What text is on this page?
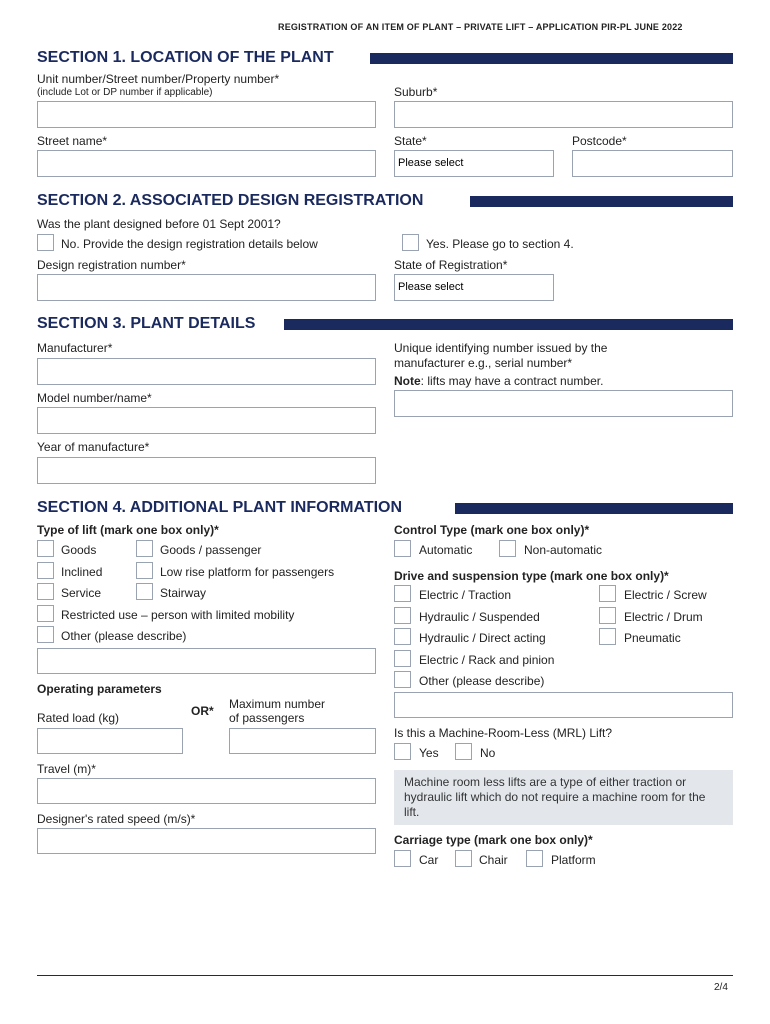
REGISTRATION OF AN ITEM OF PLANT – PRIVATE LIFT – APPLICATION PIR-PL JUNE 2022
SECTION 1. LOCATION OF THE PLANT
Unit number/Street number/Property number*
(include Lot or DP number if applicable)	Suburb*
Street name*	State*
Please select
Postcode*
SECTION 2. ASSOCIATED DESIGN REGISTRATION
Was the plant designed before 01 Sept 2001?
No. Provide the design registration details below	Yes. Please go to section 4.
Design registration number*	State of Registration*
Please select
SECTION 3. PLANT DETAILS
Manufacturer*	Unique identifying number issued by the
manufacturer e.g., serial number*
Note: lifts may have a contract number.
Model number/name*
Year of manufacture*
SECTION 4. ADDITIONAL PLANT INFORMATION
Type of lift (mark one box only)*
Goods	Goods / passenger
Inclined	Low rise platform for passengers
Service	Stairway
Restricted use – person with limited mobility
Other (please describe)
Operating parameters
Rated load (kg)	OR* Maximum number
of passengers
Travel (m)*
Designer's rated speed (m/s)*
Control Type (mark one box only)*
Automatic	Non-automatic
Drive and suspension type (mark one box only)*
Electric / Traction	Electric / Screw
Hydraulic / Suspended	Electric / Drum
Hydraulic / Direct acting	Pneumatic
Electric / Rack and pinion
Other (please describe)
Is this a Machine-Room-Less (MRL) Lift?
Yes	No
Machine room less lifts are a type of either traction or hydraulic lift which do not require a machine room for the lift.
Carriage type (mark one box only)*
Car	Chair	Platform
2/4
